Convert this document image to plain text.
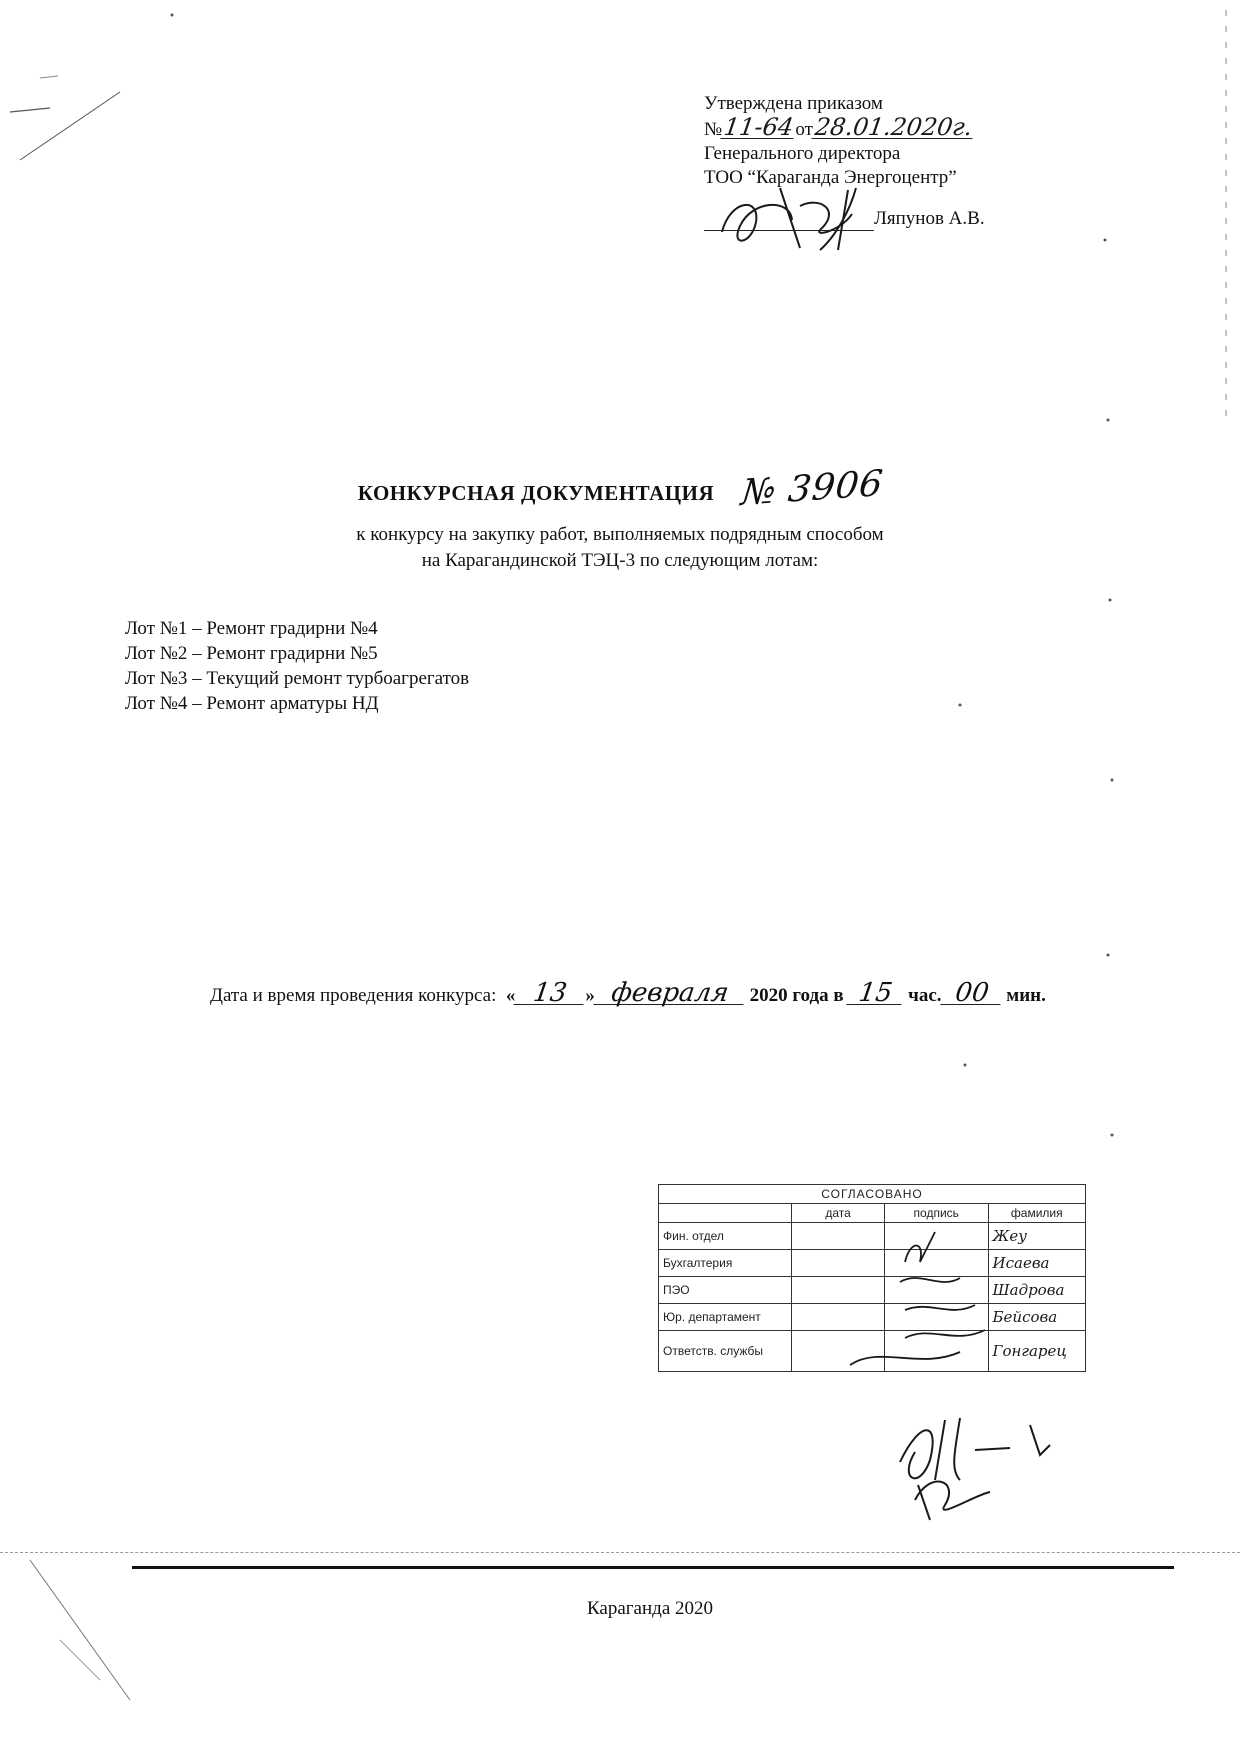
Утверждена приказом
№11-64от28.01.2020г.
Генерального директора
ТОО “Караганда Энергоцентр”
Ляпунов А.В.
КОНКУРСНАЯ ДОКУМЕНТАЦИЯ № 3906
к конкурсу на закупку работ, выполняемых подрядным способом
на Карагандинской ТЭЦ-3 по следующим лотам:
Лот №1 – Ремонт градирни №4
Лот №2 – Ремонт градирни №5
Лот №3 – Текущий ремонт турбоагрегатов
Лот №4 – Ремонт арматуры НД
Дата и время проведения конкурса: « 13 » февраля 2020 года в 15 час. 00 мин.
СОГЛАСОВАНО			
	дата	подпись	фамилия
Фин. отдел			Жеу
Бухгалтерия			Исаева
ПЭО			Шадрова
Юр. департамент			Бейсова
Ответств. службы			Гонгарец
Караганда 2020
